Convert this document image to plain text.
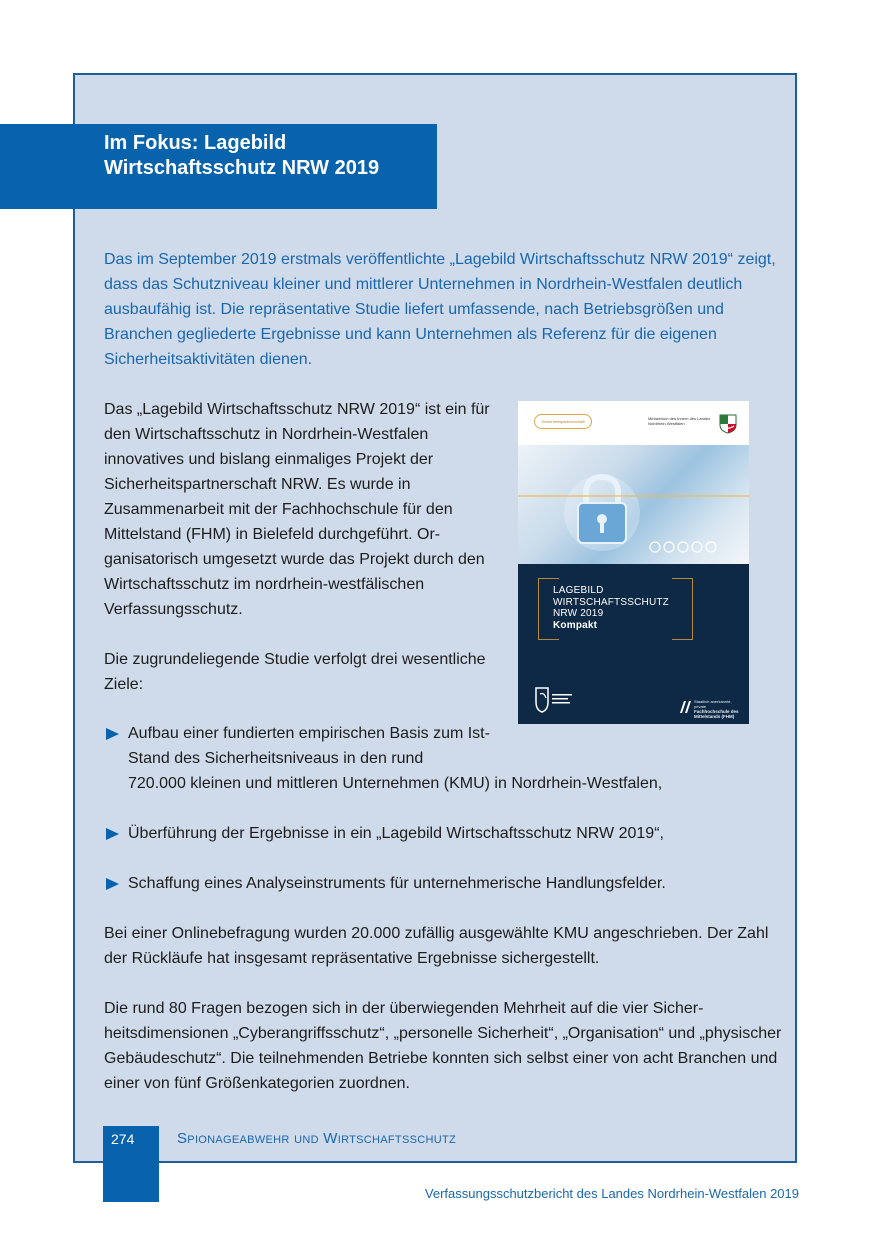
Im Fokus: Lagebild
Wirtschaftsschutz NRW 2019
Das im September 2019 erstmals veröffentlichte „Lagebild Wirtschaftsschutz NRW 2019“ zeigt, dass das Schutzniveau kleiner und mittlerer Unternehmen in Nordrhein-Westfalen deutlich ausbaufähig ist. Die repräsentative Studie liefert umfassende, nach Betriebsgrößen und Branchen gegliederte Ergebnisse und kann Unternehmen als Referenz für die eigenen Sicherheitsaktivitäten dienen.
Das „Lagebild Wirtschaftsschutz NRW 2019“ ist ein für den Wirtschaftsschutz in Nordrhein-Westfalen innovatives und bislang einmaliges Projekt der Sicherheitspartnerschaft NRW. Es wurde in Zusammenarbeit mit der Fachhochschule für den Mittelstand (FHM) in Bielefeld durchgeführt. Organisatorisch umgesetzt wurde das Projekt durch den Wirtschaftsschutz im nordrhein-westfälischen Verfassungsschutz.
Die zugrundeliegende Studie verfolgt drei wesentliche Ziele:
Sicherheitspartnerschaft
Ministerium des Innern des Landes Nordrhein-Westfalen
LAGEBILD
WIRTSCHAFTSSCHUTZ
NRW 2019
Kompakt
Staatlich anerkannte, private
Fachhochschule des Mittelstands (FHM)
Aufbau einer fundierten empirischen Basis zum Ist-Stand des Sicherheitsniveaus in den rund
720.000 kleinen und mittleren Unternehmen (KMU) in Nordrhein-Westfalen,
Überführung der Ergebnisse in ein „Lagebild Wirtschaftsschutz NRW 2019“,
Schaffung eines Analyseinstruments für unternehmerische Handlungsfelder.
Bei einer Onlinebefragung wurden 20.000 zufällig ausgewählte KMU angeschrieben. Der Zahl der Rückläufe hat insgesamt repräsentative Ergebnisse sichergestellt.
Die rund 80 Fragen bezogen sich in der überwiegenden Mehrheit auf die vier Sicherheitsdimensionen „Cyberangriffsschutz“, „personelle Sicherheit“, „Organisation“ und „physischer Gebäudeschutz“. Die teilnehmenden Betriebe konnten sich selbst einer von acht Branchen und einer von fünf Größenkategorien zuordnen.
274	Spionageabwehr und Wirtschaftsschutz
Verfassungsschutzbericht des Landes Nordrhein-Westfalen 2019
